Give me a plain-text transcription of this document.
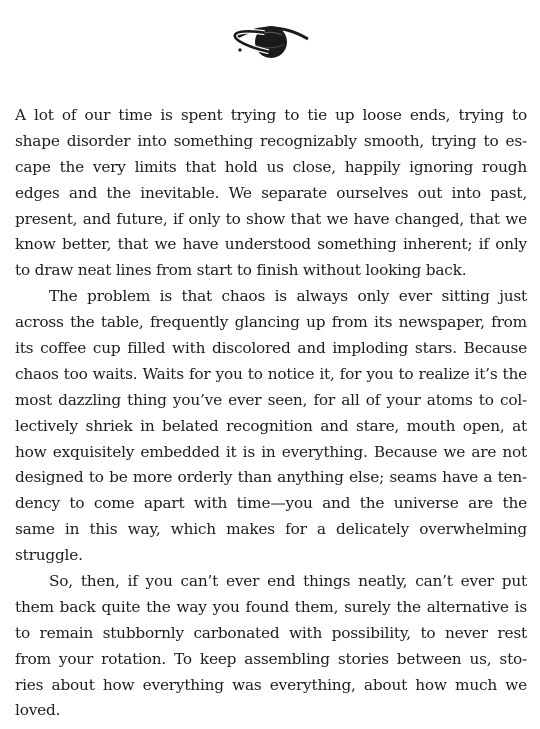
A lot of our time is spent trying to tie up loose ends, trying to
shape disorder into something recognizably smooth, trying to es-
cape the very limits that hold us close, happily ignoring rough
edges and the inevitable. We separate ourselves out into past,
present, and future, if only to show that we have changed, that we
know better, that we have understood something inherent; if only
to draw neat lines from start to finish without looking back.
The problem is that chaos is always only ever sitting just
across the table, frequently glancing up from its newspaper, from
its coffee cup filled with discolored and imploding stars. Because
chaos too waits. Waits for you to notice it, for you to realize it’s the
most dazzling thing you’ve ever seen, for all of your atoms to col-
lectively shriek in belated recognition and stare, mouth open, at
how exquisitely embedded it is in everything. Because we are not
designed to be more orderly than anything else; seams have a ten-
dency to come apart with time—you and the universe are the
same in this way, which makes for a delicately overwhelming
struggle.
So, then, if you can’t ever end things neatly, can’t ever put
them back quite the way you found them, surely the alternative is
to remain stubbornly carbonated with possibility, to never rest
from your rotation. To keep assembling stories between us, sto-
ries about how everything was everything, about how much we
loved.
